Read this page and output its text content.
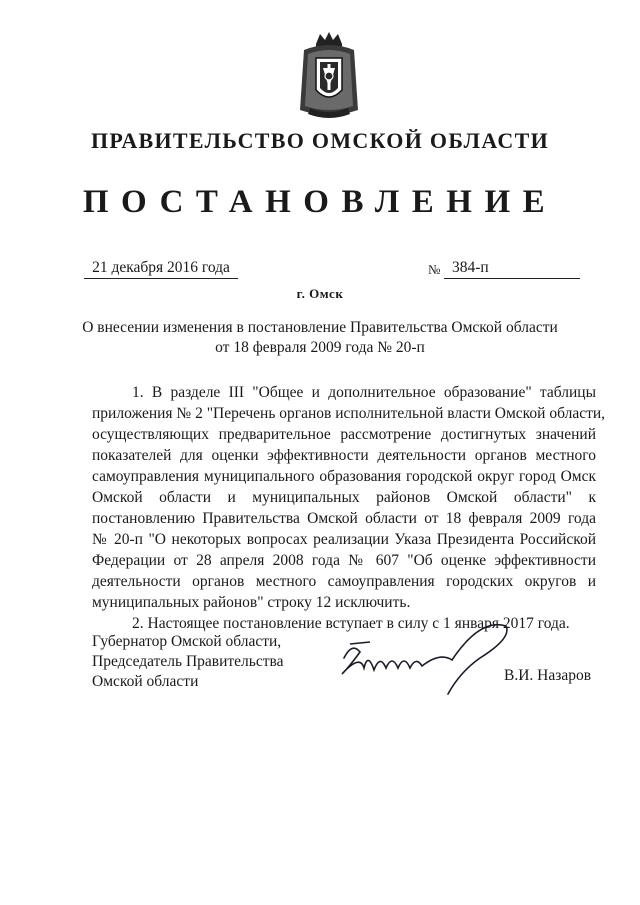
ПРАВИТЕЛЬСТВО ОМСКОЙ ОБЛАСТИ
ПОСТАНОВЛЕНИЕ
21 декабря 2016 года	№ 384-п
г. Омск
О внесении изменения в постановление Правительства Омской области
от 18 февраля 2009 года № 20-п
1. В разделе III "Общее и дополнительное образование" таблицы
приложения № 2 "Перечень органов исполнительной власти Омской области,
осуществляющих предварительное рассмотрение достигнутых значений
показателей для оценки эффективности деятельности органов местного
самоуправления муниципального образования городской округ город Омск
Омской области и муниципальных районов Омской области" к
постановлению Правительства Омской области от 18 февраля 2009 года
№ 20-п "О некоторых вопросах реализации Указа Президента Российской
Федерации от 28 апреля 2008 года № 607 "Об оценке эффективности
деятельности органов местного самоуправления городских округов и
муниципальных районов" строку 12 исключить.
2. Настоящее постановление вступает в силу с 1 января 2017 года.
Губернатор Омской области,
Председатель Правительства
Омской области	В.И. Назаров
